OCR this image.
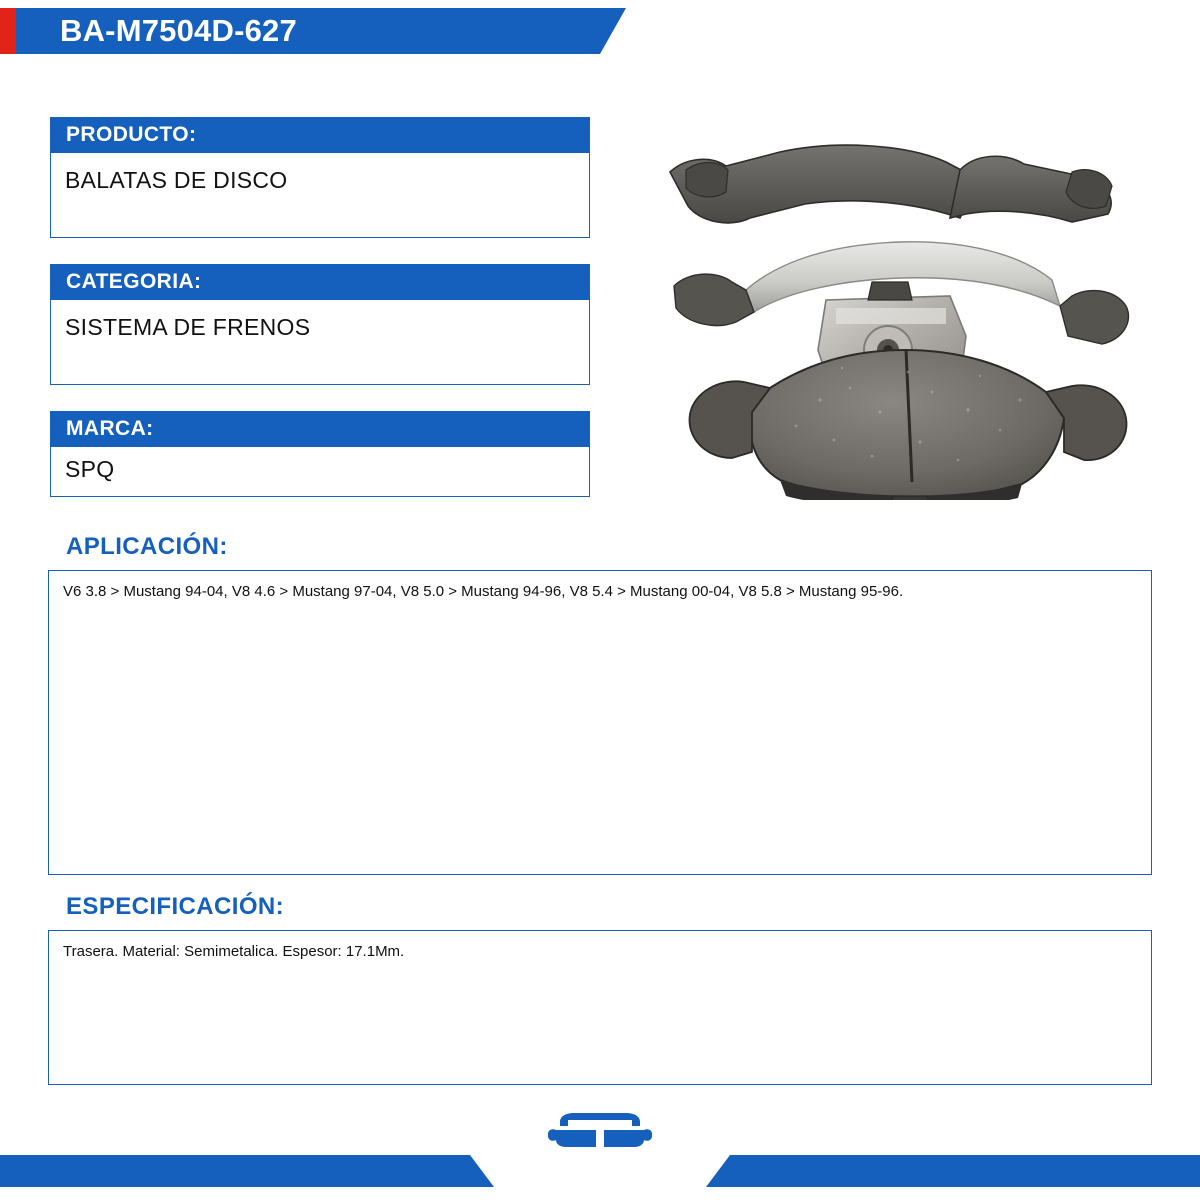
BA-M7504D-627
PRODUCTO:
BALATAS DE DISCO
CATEGORIA:
SISTEMA DE FRENOS
MARCA:
SPQ
APLICACIÓN:
V6 3.8 > Mustang 94-04, V8 4.6 > Mustang 97-04, V8 5.0 > Mustang 94-96, V8 5.4 > Mustang 00-04, V8 5.8 > Mustang 95-96.
ESPECIFICACIÓN:
Trasera. Material: Semimetalica. Espesor: 17.1Mm.
FRENOS
